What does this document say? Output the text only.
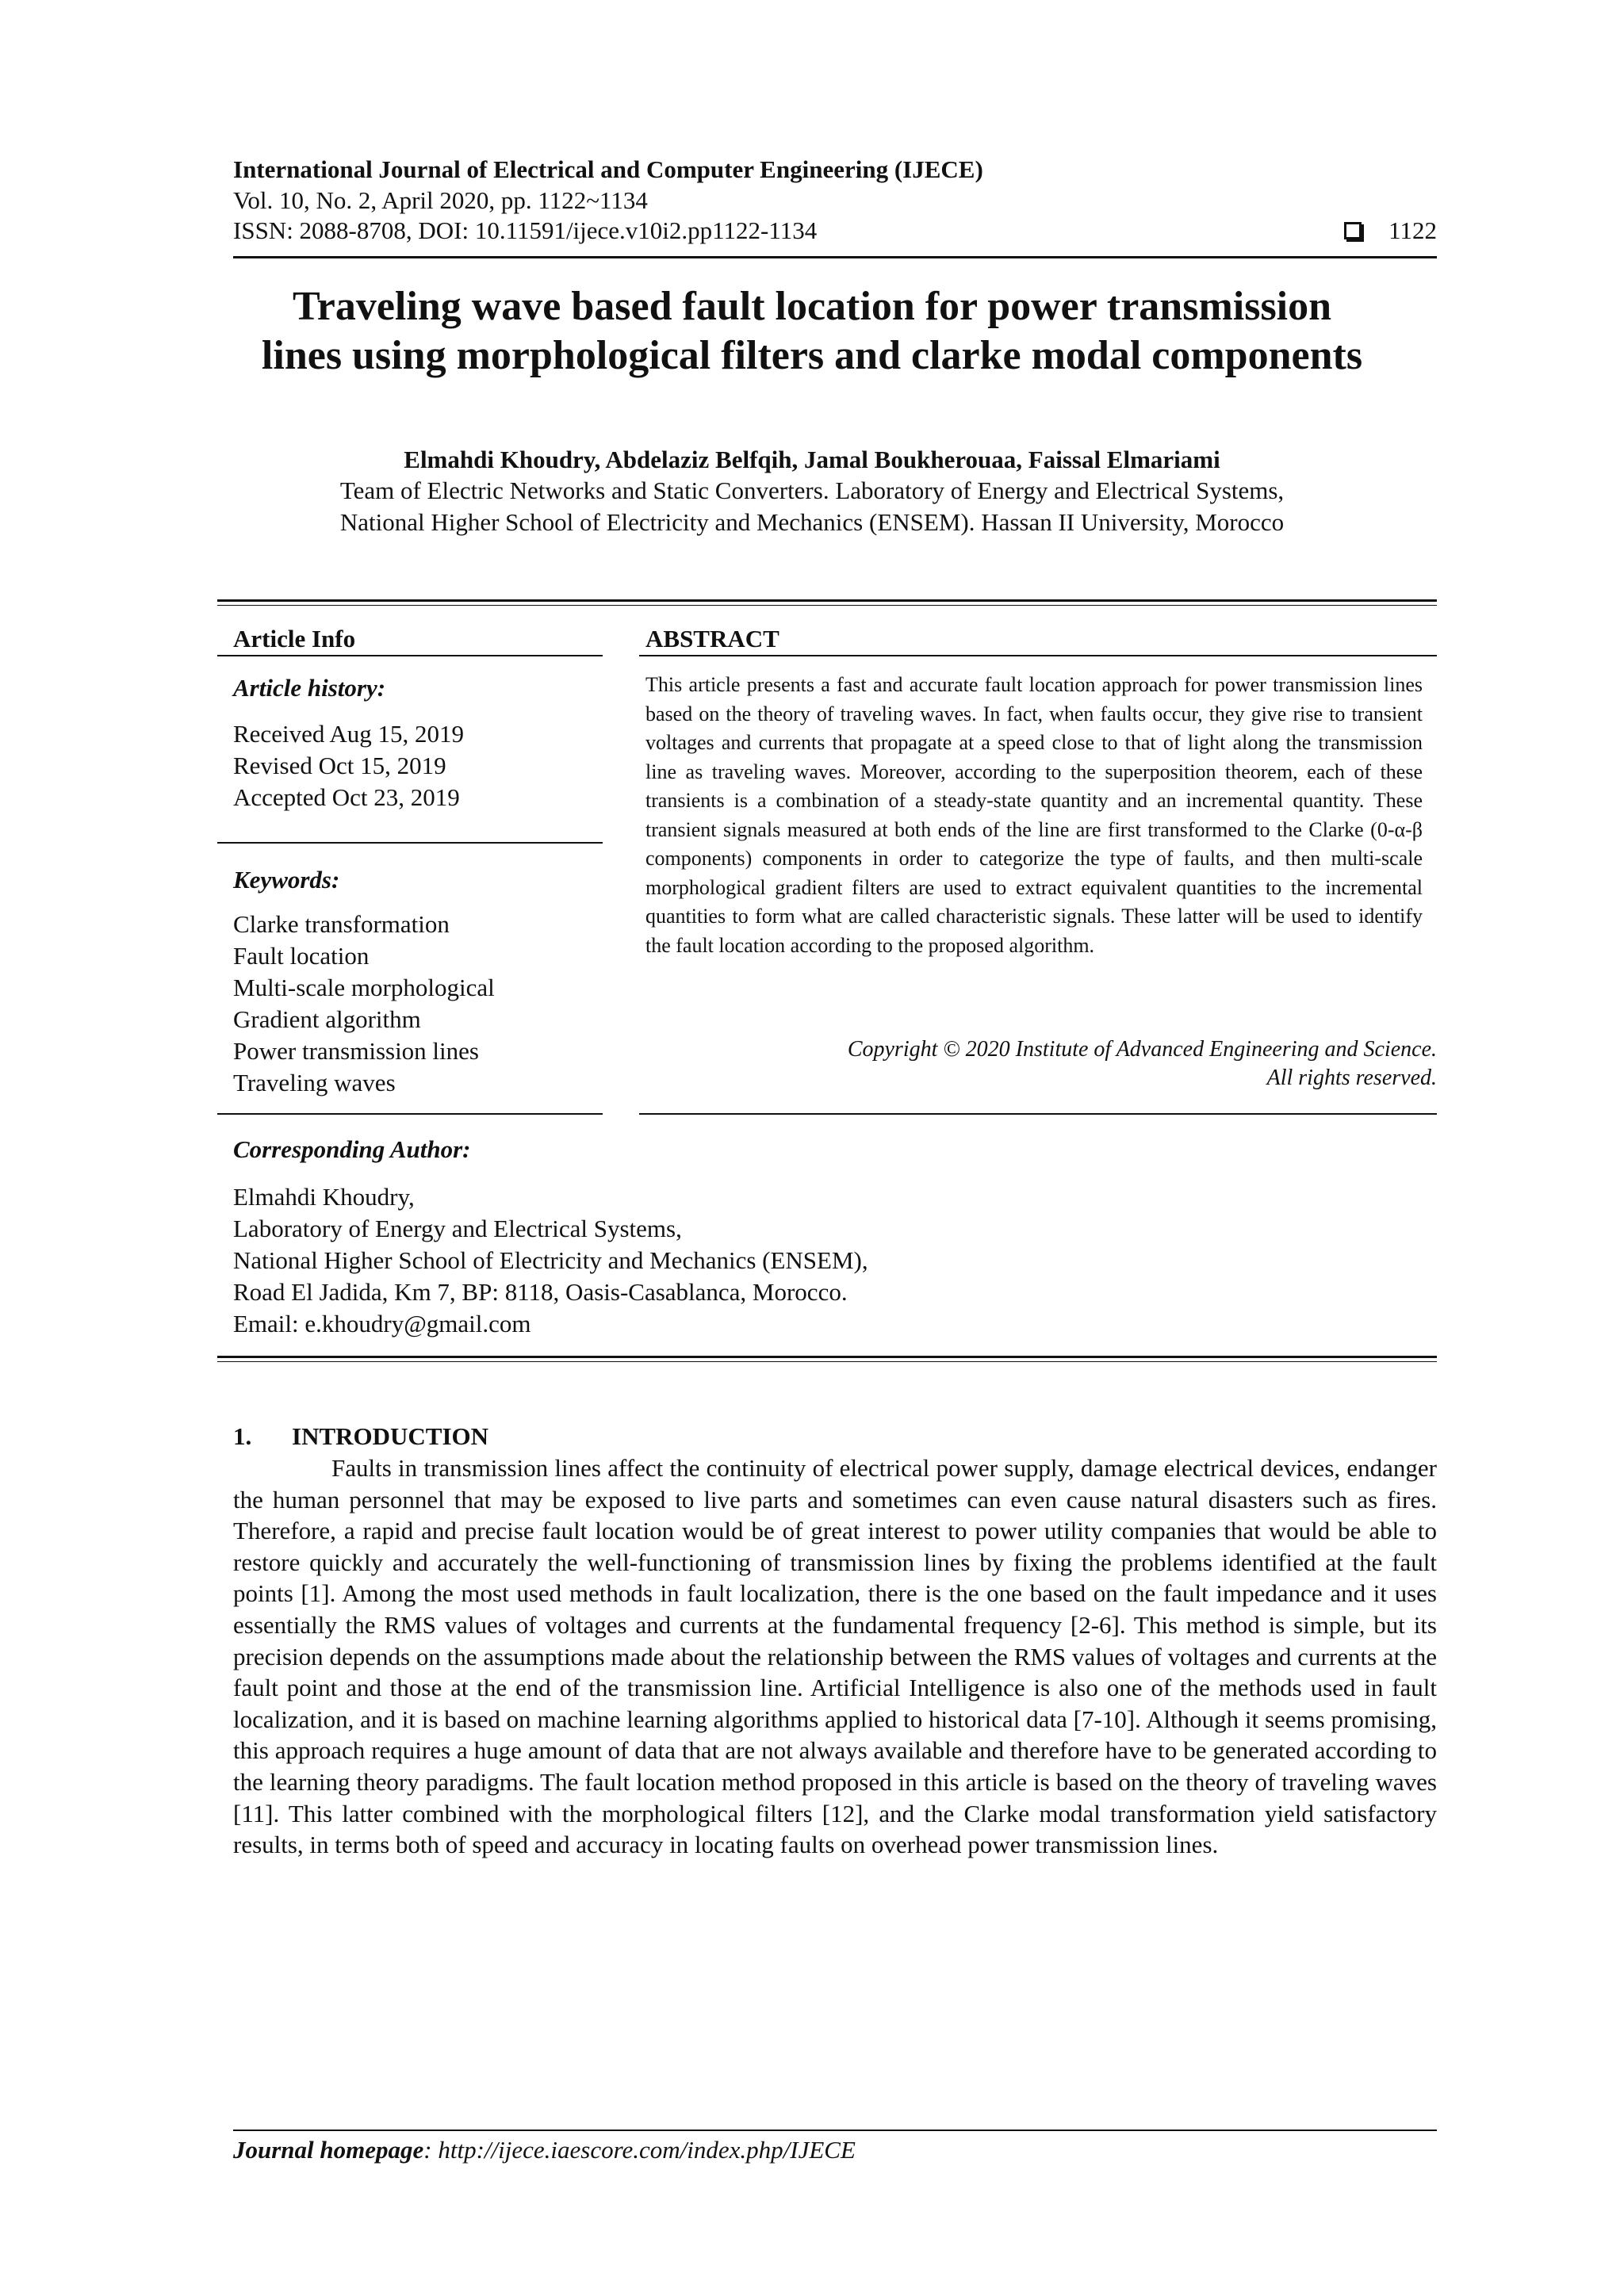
International Journal of Electrical and Computer Engineering (IJECE)
Vol. 10, No. 2, April 2020, pp. 1122~1134
ISSN: 2088-8708, DOI: 10.11591/ijece.v10i2.pp1122-1134	1122
Traveling wave based fault location for power transmission
lines using morphological filters and clarke modal components
Elmahdi Khoudry, Abdelaziz Belfqih, Jamal Boukherouaa, Faissal Elmariami
Team of Electric Networks and Static Converters. Laboratory of Energy and Electrical Systems,
National Higher School of Electricity and Mechanics (ENSEM). Hassan II University, Morocco
Article Info	ABSTRACT
Article history:
Received Aug 15, 2019
Revised Oct 15, 2019
Accepted Oct 23, 2019
Keywords:
Clarke transformation
Fault location
Multi-scale morphological
Gradient algorithm
Power transmission lines
Traveling waves
This article presents a fast and accurate fault location approach for power transmission lines based on the theory of traveling waves. In fact, when faults occur, they give rise to transient voltages and currents that propagate at a speed close to that of light along the transmission line as traveling waves. Moreover, according to the superposition theorem, each of these transients is a combination of a steady-state quantity and an incremental quantity. These transient signals measured at both ends of the line are first transformed to the Clarke (0-α-β components) components in order to categorize the type of faults, and then multi-scale morphological gradient filters are used to extract equivalent quantities to the incremental quantities to form what are called characteristic signals. These latter will be used to identify the fault location according to the proposed algorithm.
Copyright © 2020 Institute of Advanced Engineering and Science.
All rights reserved.
Corresponding Author:
Elmahdi Khoudry,
Laboratory of Energy and Electrical Systems,
National Higher School of Electricity and Mechanics (ENSEM),
Road El Jadida, Km 7, BP: 8118, Oasis-Casablanca, Morocco.
Email: e.khoudry@gmail.com
1. INTRODUCTION
Faults in transmission lines affect the continuity of electrical power supply, damage electrical devices, endanger the human personnel that may be exposed to live parts and sometimes can even cause natural disasters such as fires. Therefore, a rapid and precise fault location would be of great interest to power utility companies that would be able to restore quickly and accurately the well-functioning of transmission lines by fixing the problems identified at the fault points [1]. Among the most used methods in fault localization, there is the one based on the fault impedance and it uses essentially the RMS values of voltages and currents at the fundamental frequency [2-6]. This method is simple, but its precision depends on the assumptions made about the relationship between the RMS values of voltages and currents at the fault point and those at the end of the transmission line. Artificial Intelligence is also one of the methods used in fault localization, and it is based on machine learning algorithms applied to historical data [7-10]. Although it seems promising, this approach requires a huge amount of data that are not always available and therefore have to be generated according to the learning theory paradigms. The fault location method proposed in this article is based on the theory of traveling waves [11]. This latter combined with the morphological filters [12], and the Clarke modal transformation yield satisfactory results, in terms both of speed and accuracy in locating faults on overhead power transmission lines.
Journal homepage: http://ijece.iaescore.com/index.php/IJECE
